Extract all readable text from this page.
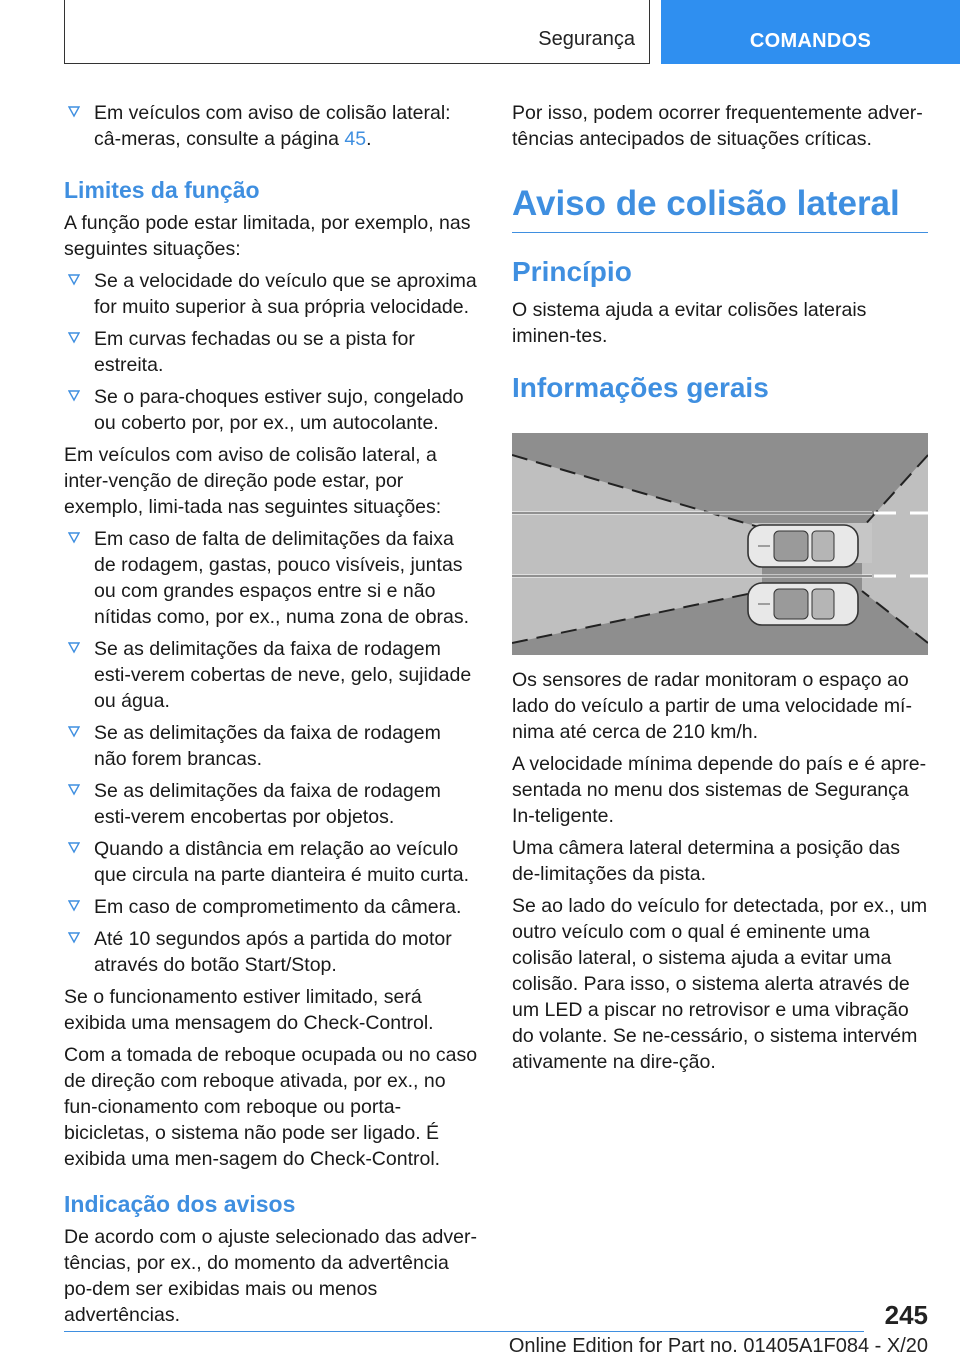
Segurança	COMANDOS
Em veículos com aviso de colisão lateral: câ-meras, consulte a página 45.
Limites da função

A função pode estar limitada, por exemplo, nas seguintes situações:

Se a velocidade do veículo que se aproxima for muito superior à sua própria velocidade.
Em curvas fechadas ou se a pista for estreita.
Se o para-choques estiver sujo, congelado ou coberto por, por ex., um autocolante.

Em veículos com aviso de colisão lateral, a inter-venção de direção pode estar, por exemplo, limi-tada nas seguintes situações:

Em caso de falta de delimitações da faixa de rodagem, gastas, pouco visíveis, juntas ou com grandes espaços entre si e não nítidas como, por ex., numa zona de obras.
Se as delimitações da faixa de rodagem esti-verem cobertas de neve, gelo, sujidade ou água.
Se as delimitações da faixa de rodagem não forem brancas.
Se as delimitações da faixa de rodagem esti-verem encobertas por objetos.
Quando a distância em relação ao veículo que circula na parte dianteira é muito curta.
Em caso de comprometimento da câmera.
Até 10 segundos após a partida do motor através do botão Start/Stop.

Se o funcionamento estiver limitado, será exibida uma mensagem do Check-Control.

Com a tomada de reboque ocupada ou no caso de direção com reboque ativada, por ex., no fun-cionamento com reboque ou porta-bicicletas, o sistema não pode ser ligado. É exibida uma men-sagem do Check-Control.

Indicação dos avisos

De acordo com o ajuste selecionado das adver-tências, por ex., do momento da advertência po-dem ser exibidas mais ou menos advertências.

Por isso, podem ocorrer frequentemente adver-tências antecipados de situações críticas.

Aviso de colisão lateral
Princípio

O sistema ajuda a evitar colisões laterais iminen-tes.

Informações gerais

Os sensores de radar monitoram o espaço ao lado do veículo a partir de uma velocidade mí-nima até cerca de 210 km/h.

A velocidade mínima depende do país e é apre-sentada no menu dos sistemas de Segurança In-teligente.

Uma câmera lateral determina a posição das de-limitações da pista.

Se ao lado do veículo for detectada, por ex., um outro veículo com o qual é eminente uma colisão lateral, o sistema ajuda a evitar uma colisão. Para isso, o sistema alerta através de um LED a piscar no retrovisor e uma vibração do volante. Se ne-cessário, o sistema intervém ativamente na dire-ção.

245
Online Edition for Part no. 01405A1F084 - X/20
